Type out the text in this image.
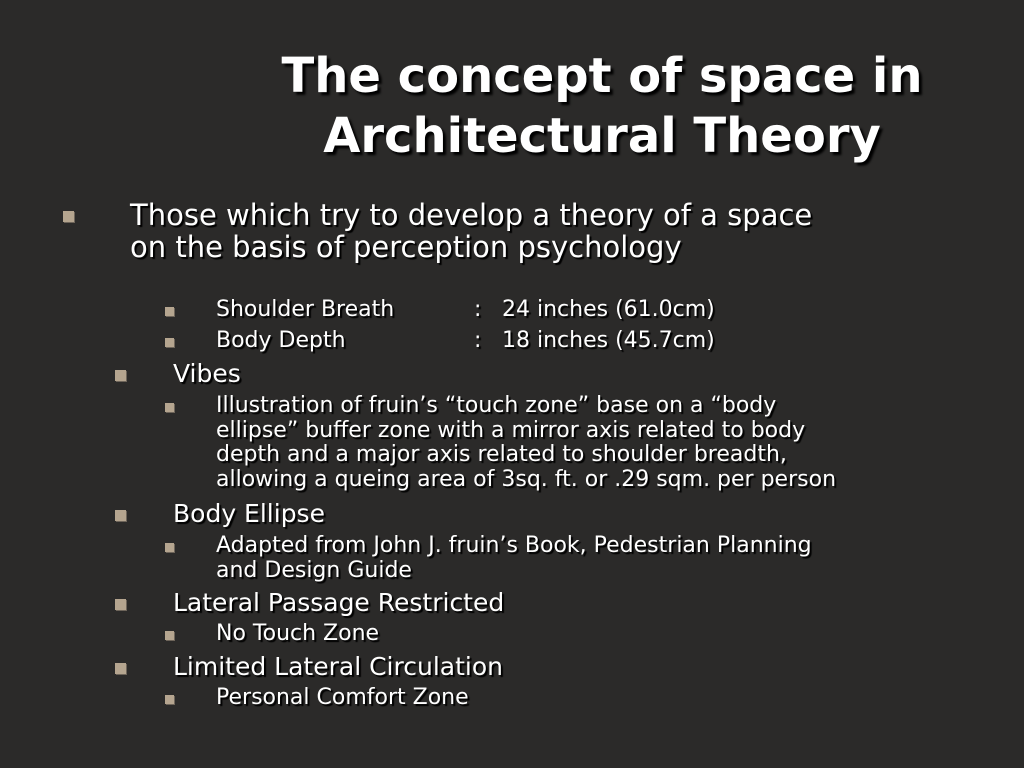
The concept of space in
Architectural Theory
Those which try to develop a theory of a space
on the basis of perception psychology
Shoulder Breath	: 24 inches (61.0cm)
Body Depth	: 18 inches (45.7cm)
Vibes
Illustration of fruin’s “touch zone” base on a “body
ellipse” buffer zone with a mirror axis related to body
depth and a major axis related to shoulder breadth,
allowing a queing area of 3sq. ft. or .29 sqm. per person
Body Ellipse
Adapted from John J. fruin’s Book, Pedestrian Planning
and Design Guide
Lateral Passage Restricted
No Touch Zone
Limited Lateral Circulation
Personal Comfort Zone
